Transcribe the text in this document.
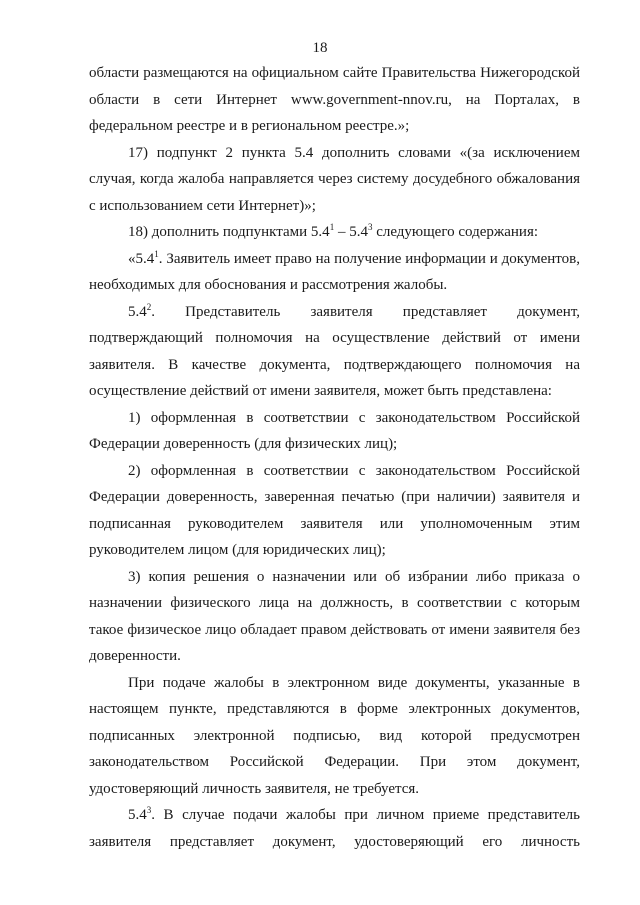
18

области размещаются на официальном сайте Правительства Нижегородской области в сети Интернет www.government-nnov.ru, на Порталах, в федеральном реестре и в региональном реестре.»;

17) подпункт 2 пункта 5.4 дополнить словами «(за исключением случая, когда жалоба направляется через систему досудебного обжалования с использованием сети Интернет)»;

18) дополнить подпунктами $5.4^1 - 5.4^3$ следующего содержания:

«$5.4^1$. Заявитель имеет право на получение информации и документов, необходимых для обоснования и рассмотрения жалобы.

$5.4^2$. Представитель заявителя представляет документ, подтверждающий полномочия на осуществление действий от имени заявителя. В качестве документа, подтверждающего полномочия на осуществление действий от имени заявителя, может быть представлена:

1) оформленная в соответствии с законодательством Российской Федерации доверенность (для физических лиц);

2) оформленная в соответствии с законодательством Российской Федерации доверенность, заверенная печатью (при наличии) заявителя и подписанная руководителем заявителя или уполномоченным этим руководителем лицом (для юридических лиц);

3) копия решения о назначении или об избрании либо приказа о назначении физического лица на должность, в соответствии с которым такое физическое лицо обладает правом действовать от имени заявителя без доверенности.

При подаче жалобы в электронном виде документы, указанные в настоящем пункте, представляются в форме электронных документов, подписанных электронной подписью, вид которой предусмотрен законодательством Российской Федерации. При этом документ, удостоверяющий личность заявителя, не требуется.

$5.4^3$. В случае подачи жалобы при личном приеме представитель заявителя представляет документ, удостоверяющий его личность
